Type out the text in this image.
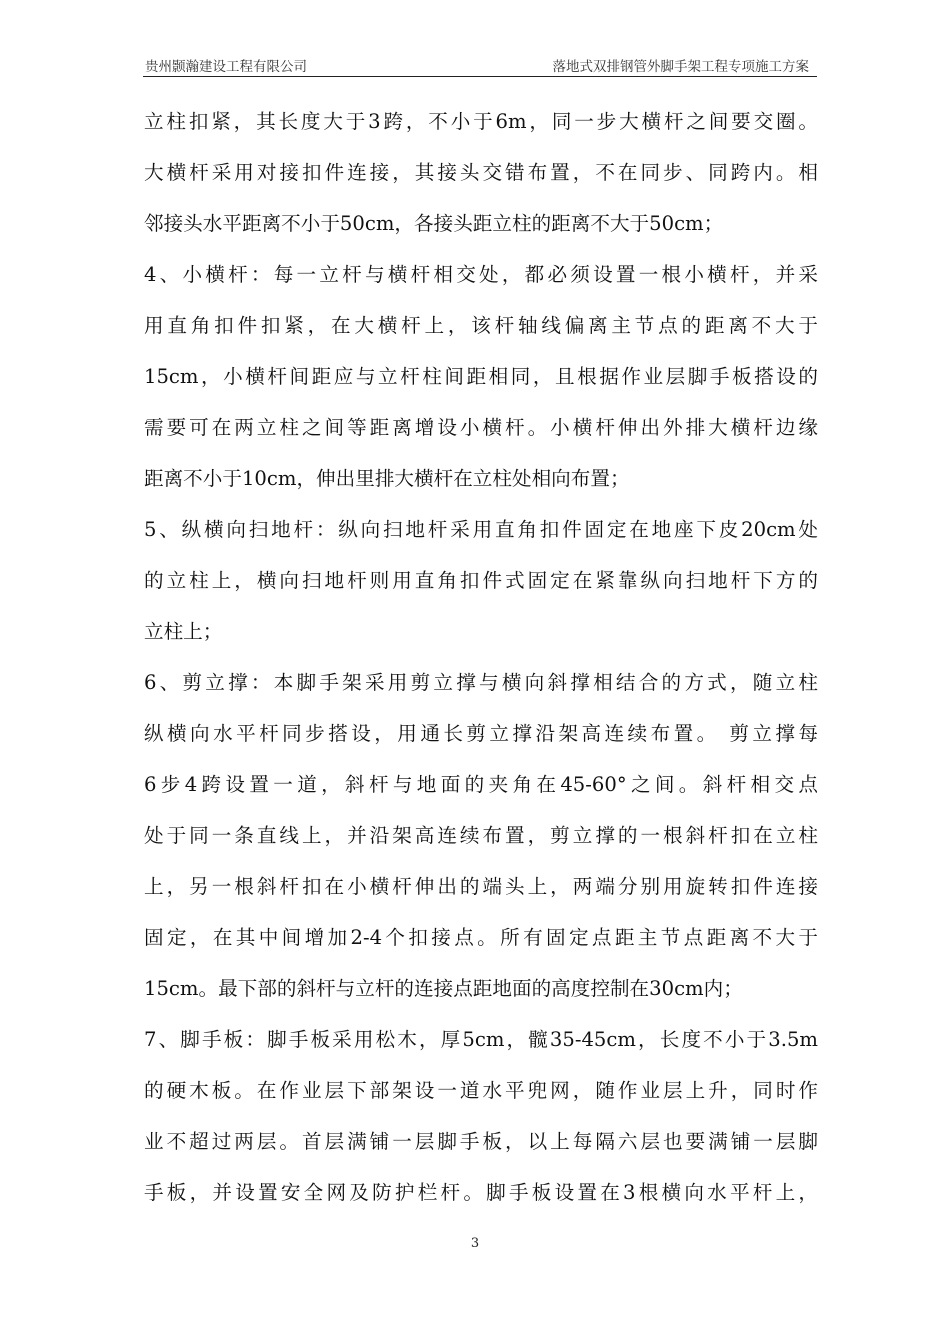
贵州颢瀚建设工程有限公司	落地式双排钢管外脚手架工程专项施工方案
立柱扣紧，其长度大于3跨，不小于6m，同一步大横杆之间要交圈。
大横杆采用对接扣件连接，其接头交错布置，不在同步、同跨内。相
邻接头水平距离不小于50cm，各接头距立柱的距离不大于50cm；
4、小横杆：每一立杆与横杆相交处，都必须设置一根小横杆，并采
用直角扣件扣紧，在大横杆上，该杆轴线偏离主节点的距离不大于
15cm，小横杆间距应与立杆柱间距相同，且根据作业层脚手板搭设的
需要可在两立柱之间等距离增设小横杆。小横杆伸出外排大横杆边缘
距离不小于10cm，伸出里排大横杆在立柱处相向布置；
5、纵横向扫地杆：纵向扫地杆采用直角扣件固定在地座下皮20cm处
的立柱上，横向扫地杆则用直角扣件式固定在紧靠纵向扫地杆下方的
立柱上；
6、剪立撑：本脚手架采用剪立撑与横向斜撑相结合的方式，随立柱
纵横向水平杆同步搭设，用通长剪立撑沿架高连续布置。 剪立撑每
6步4跨设置一道，斜杆与地面的夹角在45-60°之间。斜杆相交点
处于同一条直线上，并沿架高连续布置，剪立撑的一根斜杆扣在立柱
上，另一根斜杆扣在小横杆伸出的端头上，两端分别用旋转扣件连接
固定，在其中间增加2-4个扣接点。所有固定点距主节点距离不大于
15cm。最下部的斜杆与立杆的连接点距地面的高度控制在30cm内；
7、脚手板：脚手板采用松木，厚5cm，髋35-45cm，长度不小于3.5m
的硬木板。在作业层下部架设一道水平兜网，随作业层上升，同时作
业不超过两层。首层满铺一层脚手板，以上每隔六层也要满铺一层脚
手板，并设置安全网及防护栏杆。脚手板设置在3根横向水平杆上，
3
